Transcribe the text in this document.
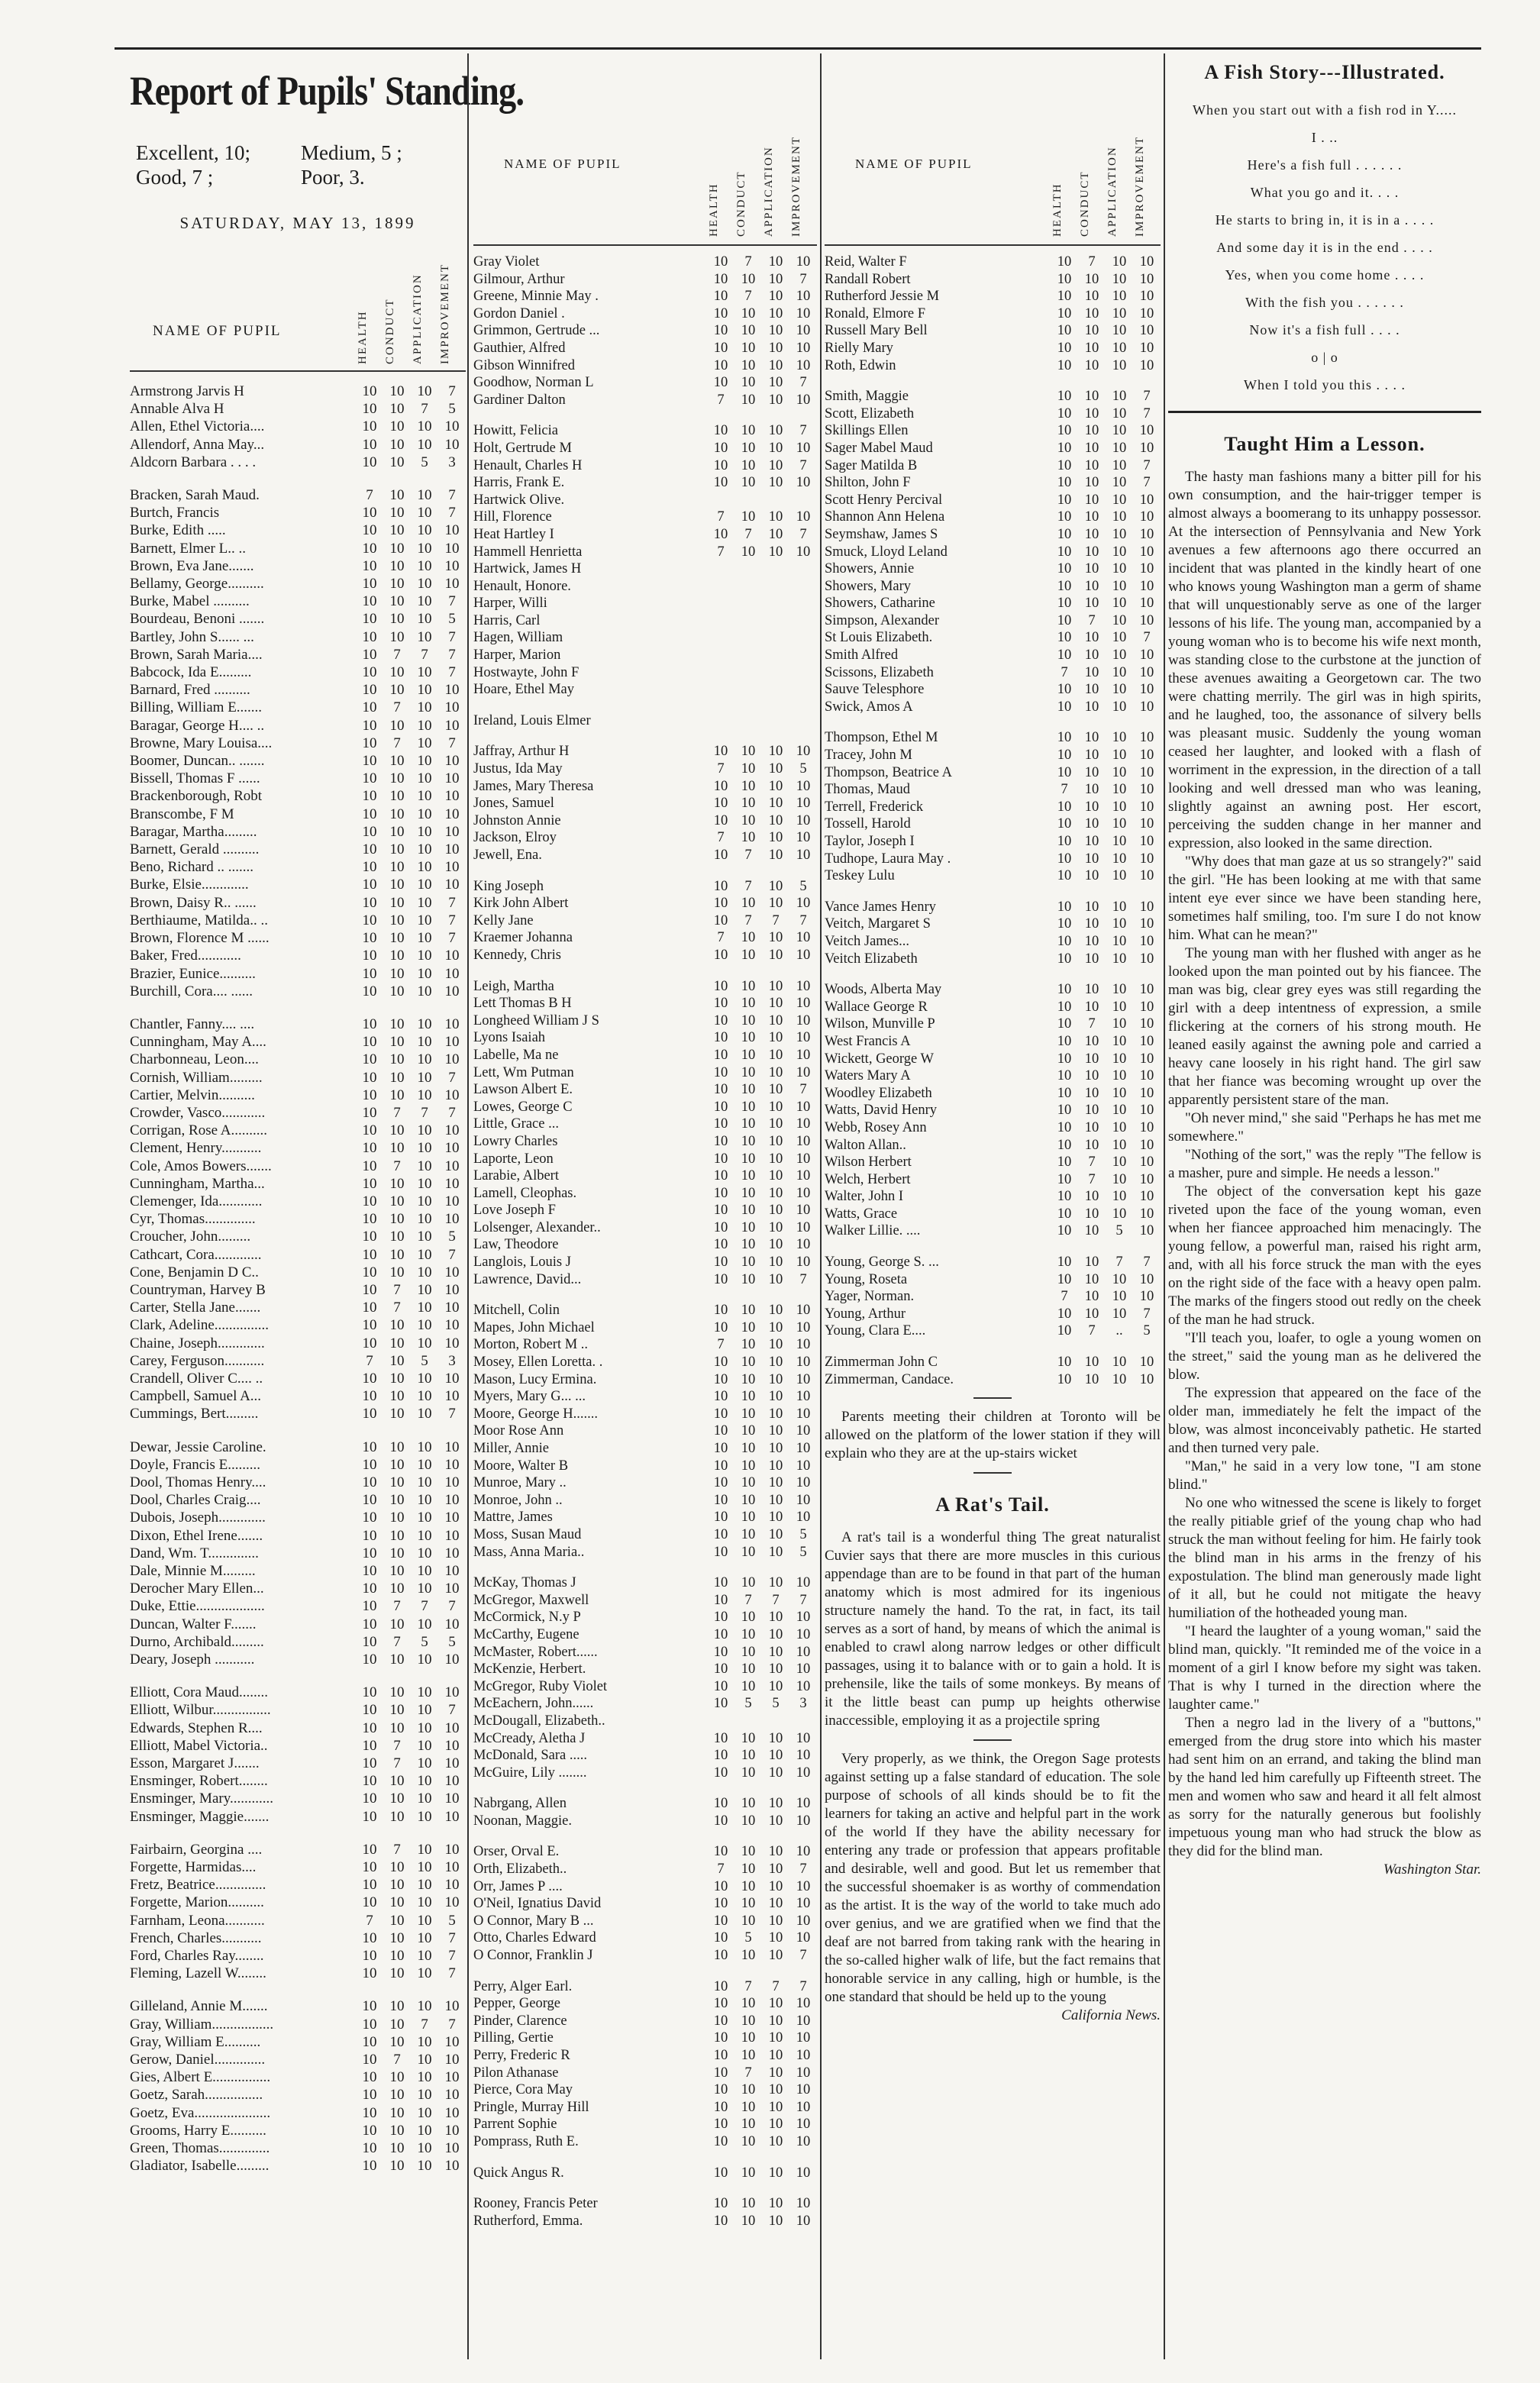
Report of Pupils' Standing.
Excellent, 10;	Medium, 5 ;
Good, 7 ;	Poor, 3.
SATURDAY, MAY 13, 1899
NAME OF PUPIL	HEALTH CONDUCT APPLICATION IMPROVEMENT
Armstrong Jarvis H	10 10 10	7
Annable Alva H	10 10	7	5
Allen, Ethel Victoria....	10 10 10 10
Allendorf, Anna May...	10 10 10 10
Aldcorn Barbara . . . .	10 10	5	3
Bracken, Sarah Maud.	7	10 10	7
Burtch, Francis	10 10 10	7
Burke, Edith .....	10 10 10 10
Barnett, Elmer L.. ..	10 10 10 10
Brown, Eva Jane.......	10 10 10 10
Bellamy, George..........	10 10 10 10
Burke, Mabel ..........	10 10 10	7
Bourdeau, Benoni .......	10 10 10	5
Bartley, John S...... ...	10 10 10	7
Brown, Sarah Maria....	10	7	7	7
Babcock, Ida E.........	10 10 10	7
Barnard, Fred ..........	10 10 10 10
Billing, William E.......	10	7	10 10
Baragar, George H.... ..	10 10 10 10
Browne, Mary Louisa....	10	7	10	7
Boomer, Duncan.. .......	10 10 10 10
Bissell, Thomas F ......	10 10 10 10
Brackenborough, Robt	10 10 10 10
Branscombe, F M	10 10 10 10
Baragar, Martha.........	10 10 10 10
Barnett, Gerald ..........	10 10 10 10
Beno, Richard .. .......	10 10 10 10
Burke, Elsie.............	10 10 10 10
Brown, Daisy R.. ......	10 10 10	7
Berthiaume, Matilda.. ..	10 10 10	7
Brown, Florence M ......	10 10 10	7
Baker, Fred............	10 10 10 10
Brazier, Eunice..........	10 10 10 10
Burchill, Cora.... ......	10 10 10 10
Chantler, Fanny.... ....	10 10 10 10
Cunningham, May A....	10 10 10 10
Charbonneau, Leon....	10 10 10 10
Cornish, William.........	10 10 10	7
Cartier, Melvin..........	10 10 10 10
Crowder, Vasco............	10	7	7	7
Corrigan, Rose A..........	10 10 10 10
Clement, Henry...........	10 10 10 10
Cole, Amos Bowers.......	10	7	10 10
Cunningham, Martha...	10 10 10 10
Clemenger, Ida............	10 10 10 10
Cyr, Thomas..............	10 10 10 10
Croucher, John.........	10 10 10	5
Cathcart, Cora.............	10 10 10	7
Cone, Benjamin D C..	10 10 10 10
Countryman, Harvey B	10	7	10 10
Carter, Stella Jane.......	10	7	10 10
Clark, Adeline...............	10 10 10 10
Chaine, Joseph.............	10 10 10 10
Carey, Ferguson...........	7	10	5	3
Crandell, Oliver C.... ..	10 10 10 10
Campbell, Samuel A...	10 10 10 10
Cummings, Bert.........	10 10 10	7
Dewar, Jessie Caroline.	10 10 10 10
Doyle, Francis E.........	10 10 10 10
Dool, Thomas Henry....	10 10 10 10
Dool, Charles Craig....	10 10 10 10
Dubois, Joseph.............	10 10 10 10
Dixon, Ethel Irene.......	10 10 10 10
Dand, Wm. T..............	10 10 10 10
Dale, Minnie M.........	10 10 10 10
Derocher Mary Ellen...	10 10 10 10
Duke, Ettie...................	10	7	7	7
Duncan, Walter F.......	10 10 10 10
Durno, Archibald.........	10	7	5	5
Deary, Joseph ...........	10 10 10 10
Elliott, Cora Maud........	10 10 10 10
Elliott, Wilbur................	10 10 10	7
Edwards, Stephen R....	10 10 10 10
Elliott, Mabel Victoria..	10	7	10 10
Esson, Margaret J.......	10	7	10 10
Ensminger, Robert........	10 10 10 10
Ensminger, Mary............	10 10 10 10
Ensminger, Maggie.......	10 10 10 10
Fairbairn, Georgina ....	10	7	10 10
Forgette, Harmidas....	10 10 10 10
Fretz, Beatrice..............	10 10 10 10
Forgette, Marion..........	10 10 10 10
Farnham, Leona...........	7	10 10	5
French, Charles...........	10 10 10	7
Ford, Charles Ray........	10 10 10	7
Fleming, Lazell W........	10 10 10	7
Gilleland, Annie M.......	10 10 10 10
Gray, William.................	10 10	7	7
Gray, William E..........	10 10 10 10
Gerow, Daniel..............	10	7	10 10
Gies, Albert E................	10 10 10 10
Goetz, Sarah................	10 10 10 10
Goetz, Eva.....................	10 10 10 10
Grooms, Harry E..........	10 10 10 10
Green, Thomas..............	10 10 10 10
Gladiator, Isabelle.........	10 10 10 10
NAME OF PUPIL
HEALTH CONDUCT APPLICATION IMPROVEMENT
Gray Violet	10	7	10 10
Gilmour, Arthur	10 10 10	7
Greene, Minnie May .	10	7	10 10
Gordon Daniel .	10 10 10 10
Grimmon, Gertrude ...	10 10 10 10
Gauthier, Alfred	10 10 10 10
Gibson Winnifred	10 10 10 10
Goodhow, Norman L	10 10 10	7
Gardiner Dalton	7	10 10 10
Howitt, Felicia	10 10 10	7
Holt, Gertrude M	10 10 10 10
Henault, Charles H	10 10 10	7
Harris, Frank E.	10 10 10 10
Hartwick Olive.
Hill, Florence	7	10 10 10
Heat Hartley I	10	7	10	7
Hammell Henrietta	7	10 10 10
Hartwick, James H
Henault, Honore.
Harper, Willi
Harris, Carl
Hagen, William
Harper, Marion
Hostwayte, John F
Hoare, Ethel May
Ireland, Louis Elmer
Jaffray, Arthur H	10 10 10 10
Justus, Ida May	7	10 10	5
James, Mary Theresa	10 10 10 10
Jones, Samuel	10 10 10 10
Johnston Annie	10 10 10 10
Jackson, Elroy	7	10 10 10
Jewell, Ena.	10	7	10 10
King Joseph	10	7	10	5
Kirk John Albert	10 10 10 10
Kelly Jane	10	7	7	7
Kraemer Johanna	7	10 10 10
Kennedy, Chris	10 10 10 10
Leigh, Martha	10 10 10 10
Lett Thomas B H	10 10 10 10
Longheed William J S	10 10 10 10
Lyons Isaiah	10 10 10 10
Labelle, Ma ne	10 10 10 10
Lett, Wm Putman	10 10 10 10
Lawson Albert E.	10 10 10	7
Lowes, George C	10 10 10 10
Little, Grace ...	10 10 10 10
Lowry Charles	10 10 10 10
Laporte, Leon	10 10 10 10
Larabie, Albert	10 10 10 10
Lamell, Cleophas.	10 10 10 10
Love Joseph F	10 10 10 10
Lolsenger, Alexander..	10 10 10 10
Law, Theodore	10 10 10 10
Langlois, Louis J	10 10 10 10
Lawrence, David...	10 10 10	7
Mitchell, Colin	10 10 10 10
Mapes, John Michael	10 10 10 10
Morton, Robert M ..	7	10 10 10
Mosey, Ellen Loretta. .	10 10 10 10
Mason, Lucy Ermina.	10 10 10 10
Myers, Mary G... ...	10 10 10 10
Moore, George H.......	10 10 10 10
Moor Rose Ann	10 10 10 10
Miller, Annie	10 10 10 10
Moore, Walter B	10 10 10 10
Munroe, Mary ..	10 10 10 10
Monroe, John ..	10 10 10 10
Mattre, James	10 10 10 10
Moss, Susan Maud	10 10 10	5
Mass, Anna Maria..	10 10 10	5
McKay, Thomas J	10 10 10 10
McGregor, Maxwell	10	7	7	7
McCormick, N.y P	10 10 10 10
McCarthy, Eugene	10 10 10 10
McMaster, Robert......	10 10 10 10
McKenzie, Herbert.	10 10 10 10
McGregor, Ruby Violet	10 10 10 10
McEachern, John......	10	5	5	3
McDougall, Elizabeth..
McCready, Aletha J	10 10 10 10
McDonald, Sara .....	10 10 10 10
McGuire, Lily ........	10 10 10 10
Nabrgang, Allen	10 10 10 10
Noonan, Maggie.	10 10 10 10
Orser, Orval E.	10 10 10 10
Orth, Elizabeth..	7	10 10	7
Orr, James P ....	10 10 10 10
O'Neil, Ignatius David	10 10 10 10
O Connor, Mary B ...	10 10 10 10
Otto, Charles Edward	10	5	10 10
O Connor, Franklin J	10 10 10	7
Perry, Alger Earl.	10	7	7	7
Pepper, George	10 10 10 10
Pinder, Clarence	10 10 10 10
Pilling, Gertie	10 10 10 10
Perry, Frederic R	10 10 10 10
Pilon Athanase	10	7	10 10
Pierce, Cora May	10 10 10 10
Pringle, Murray Hill	10 10 10 10
Parrent Sophie	10 10 10 10
Pomprass, Ruth E.	10 10 10 10
Quick Angus R.	10 10 10 10
Rooney, Francis Peter	10 10 10 10
Rutherford, Emma.	10 10 10 10
NAME OF PUPIL
HEALTH CONDUCT APPLICATION IMPROVEMENT
Reid, Walter F	10	7	10 10
Randall Robert	10 10 10 10
Rutherford Jessie M	10 10 10 10
Ronald, Elmore F	10 10 10 10
Russell Mary Bell	10 10 10 10
Rielly Mary	10 10 10 10
Roth, Edwin	10 10 10 10
Smith, Maggie	10 10 10	7
Scott, Elizabeth	10 10 10	7
Skillings Ellen	10 10 10 10
Sager Mabel Maud	10 10 10 10
Sager Matilda B	10 10 10	7
Shilton, John F	10 10 10	7
Scott Henry Percival	10 10 10 10
Shannon Ann Helena	10 10 10 10
Seymshaw, James S	10 10 10 10
Smuck, Lloyd Leland	10 10 10 10
Showers, Annie	10 10 10 10
Showers, Mary	10 10 10 10
Showers, Catharine	10 10 10 10
Simpson, Alexander	10	7	10 10
St Louis Elizabeth.	10 10 10	7
Smith Alfred	10 10 10 10
Scissons, Elizabeth	7	10 10 10
Sauve Telesphore	10 10 10 10
Swick, Amos A	10 10 10 10
Thompson, Ethel M	10 10 10 10
Tracey, John M	10 10 10 10
Thompson, Beatrice A	10 10 10 10
Thomas, Maud	7	10 10 10
Terrell, Frederick	10 10 10 10
Tossell, Harold	10 10 10 10
Taylor, Joseph I	10 10 10 10
Tudhope, Laura May .	10 10 10 10
Teskey Lulu	10 10 10 10
Vance James Henry	10 10 10 10
Veitch, Margaret S	10 10 10 10
Veitch James...	10 10 10 10
Veitch Elizabeth	10 10 10 10
Woods, Alberta May	10 10 10 10
Wallace George R	10 10 10 10
Wilson, Munville P	10	7	10 10
West Francis A	10 10 10 10
Wickett, George W	10 10 10 10
Waters Mary A	10 10 10 10
Woodley Elizabeth	10 10 10 10
Watts, David Henry	10 10 10 10
Webb, Rosey Ann	10 10 10 10
Walton Allan..	10 10 10 10
Wilson Herbert	10	7	10 10
Welch, Herbert	10	7	10 10
Walter, John I	10 10 10 10
Watts, Grace	10 10 10 10
Walker Lillie. ....	10 10	5	10
Young, George S. ...	10 10	7	7
Young, Roseta	10 10 10 10
Yager, Norman.	7	10 10 10
Young, Arthur	10 10 10	7
Young, Clara E....	10	7	..	5
Zimmerman John C	10 10 10 10
Zimmerman, Candace.	10 10 10 10

Parents meeting their children at Toronto will be allowed on the platform of the lower station if they will explain who they are at the up-stairs wicket

A Rat's Tail.

A rat's tail is a wonderful thing The great naturalist Cuvier says that there are more muscles in this curious appendage than are to be found in that part of the human anatomy which is most admired for its ingenious structure namely the hand. To the rat, in fact, its tail serves as a sort of hand, by means of which the animal is enabled to crawl along narrow ledges or other difficult passages, using it to balance with or to gain a hold. It is prehensile, like the tails of some monkeys. By means of it the little beast can pump up heights otherwise inaccessible, employing it as a projectile spring

Very properly, as we think, the Oregon Sage protests against setting up a false standard of education. The sole purpose of schools of all kinds should be to fit the learners for taking an active and helpful part in the work of the world If they have the ability necessary for entering any trade or profession that appears profitable and desirable, well and good. But let us remember that the successful shoemaker is as worthy of commendation as the artist. It is the way of the world to take much ado over genius, and we are gratified when we find that the deaf are not barred from taking rank with the hearing in the so-called higher walk of life, but the fact remains that honorable service in any calling, high or humble, is the one standard that should be held up to the young

California News.

A Fish Story---Illustrated.

When you start out with a fish rod in Y.....

I . ..

Here's a fish full . . . . . .

What you go and it. . . .

He starts to bring in, it is in a . . . .

And some day it is in the end . . . .

Yes, when you come home . . . .

With the fish you . . . . . .

Now it's a fish full . . . .

o | o

When I told you this . . . .

Taught Him a Lesson.

The hasty man fashions many a bitter pill for his own consumption, and the hair-trigger temper is almost always a boomerang to its unhappy possessor. At the intersection of Pennsylvania and New York avenues a few afternoons ago there occurred an incident that was planted in the kindly heart of one who knows young Washington man a germ of shame that will unquestionably serve as one of the larger lessons of his life. The young man, accompanied by a young woman who is to become his wife next month, was standing close to the curbstone at the junction of these avenues awaiting a Georgetown car. The two were chatting merrily. The girl was in high spirits, and he laughed, too, the assonance of silvery bells was pleasant music. Suddenly the young woman ceased her laughter, and looked with a flash of worriment in the expression, in the direction of a tall looking and well dressed man who was leaning, slightly against an awning post. Her escort, perceiving the sudden change in her manner and expression, also looked in the same direction.

"Why does that man gaze at us so strangely?" said the girl. "He has been looking at me with that same intent eye ever since we have been standing here, sometimes half smiling, too. I'm sure I do not know him. What can he mean?"

The young man with her flushed with anger as he looked upon the man pointed out by his fiancee. The man was big, clear grey eyes was still regarding the girl with a deep intentness of expression, a smile flickering at the corners of his strong mouth. He leaned easily against the awning pole and carried a heavy cane loosely in his right hand. The girl saw that her fiance was becoming wrought up over the apparently persistent stare of the man.

"Oh never mind," she said "Perhaps he has met me somewhere."

"Nothing of the sort," was the reply "The fellow is a masher, pure and simple. He needs a lesson."

The object of the conversation kept his gaze riveted upon the face of the young woman, even when her fiancee approached him menacingly. The young fellow, a powerful man, raised his right arm, and, with all his force struck the man with the eyes on the right side of the face with a heavy open palm. The marks of the fingers stood out redly on the cheek of the man he had struck.

"I'll teach you, loafer, to ogle a young women on the street," said the young man as he delivered the blow.

The expression that appeared on the face of the older man, immediately he felt the impact of the blow, was almost inconceivably pathetic. He started and then turned very pale.

"Man," he said in a very low tone, "I am stone blind."

No one who witnessed the scene is likely to forget the really pitiable grief of the young chap who had struck the man without feeling for him. He fairly took the blind man in his arms in the frenzy of his expostulation. The blind man generously made light of it all, but he could not mitigate the heavy humiliation of the hotheaded young man.

"I heard the laughter of a young woman," said the blind man, quickly. "It reminded me of the voice in a moment of a girl I know before my sight was taken. That is why I turned in the direction where the laughter came."

Then a negro lad in the livery of a "buttons," emerged from the drug store into which his master had sent him on an errand, and taking the blind man by the hand led him carefully up Fifteenth street. The men and women who saw and heard it all felt almost as sorry for the naturally generous but foolishly impetuous young man who had struck the blow as they did for the blind man.

Washington Star.
